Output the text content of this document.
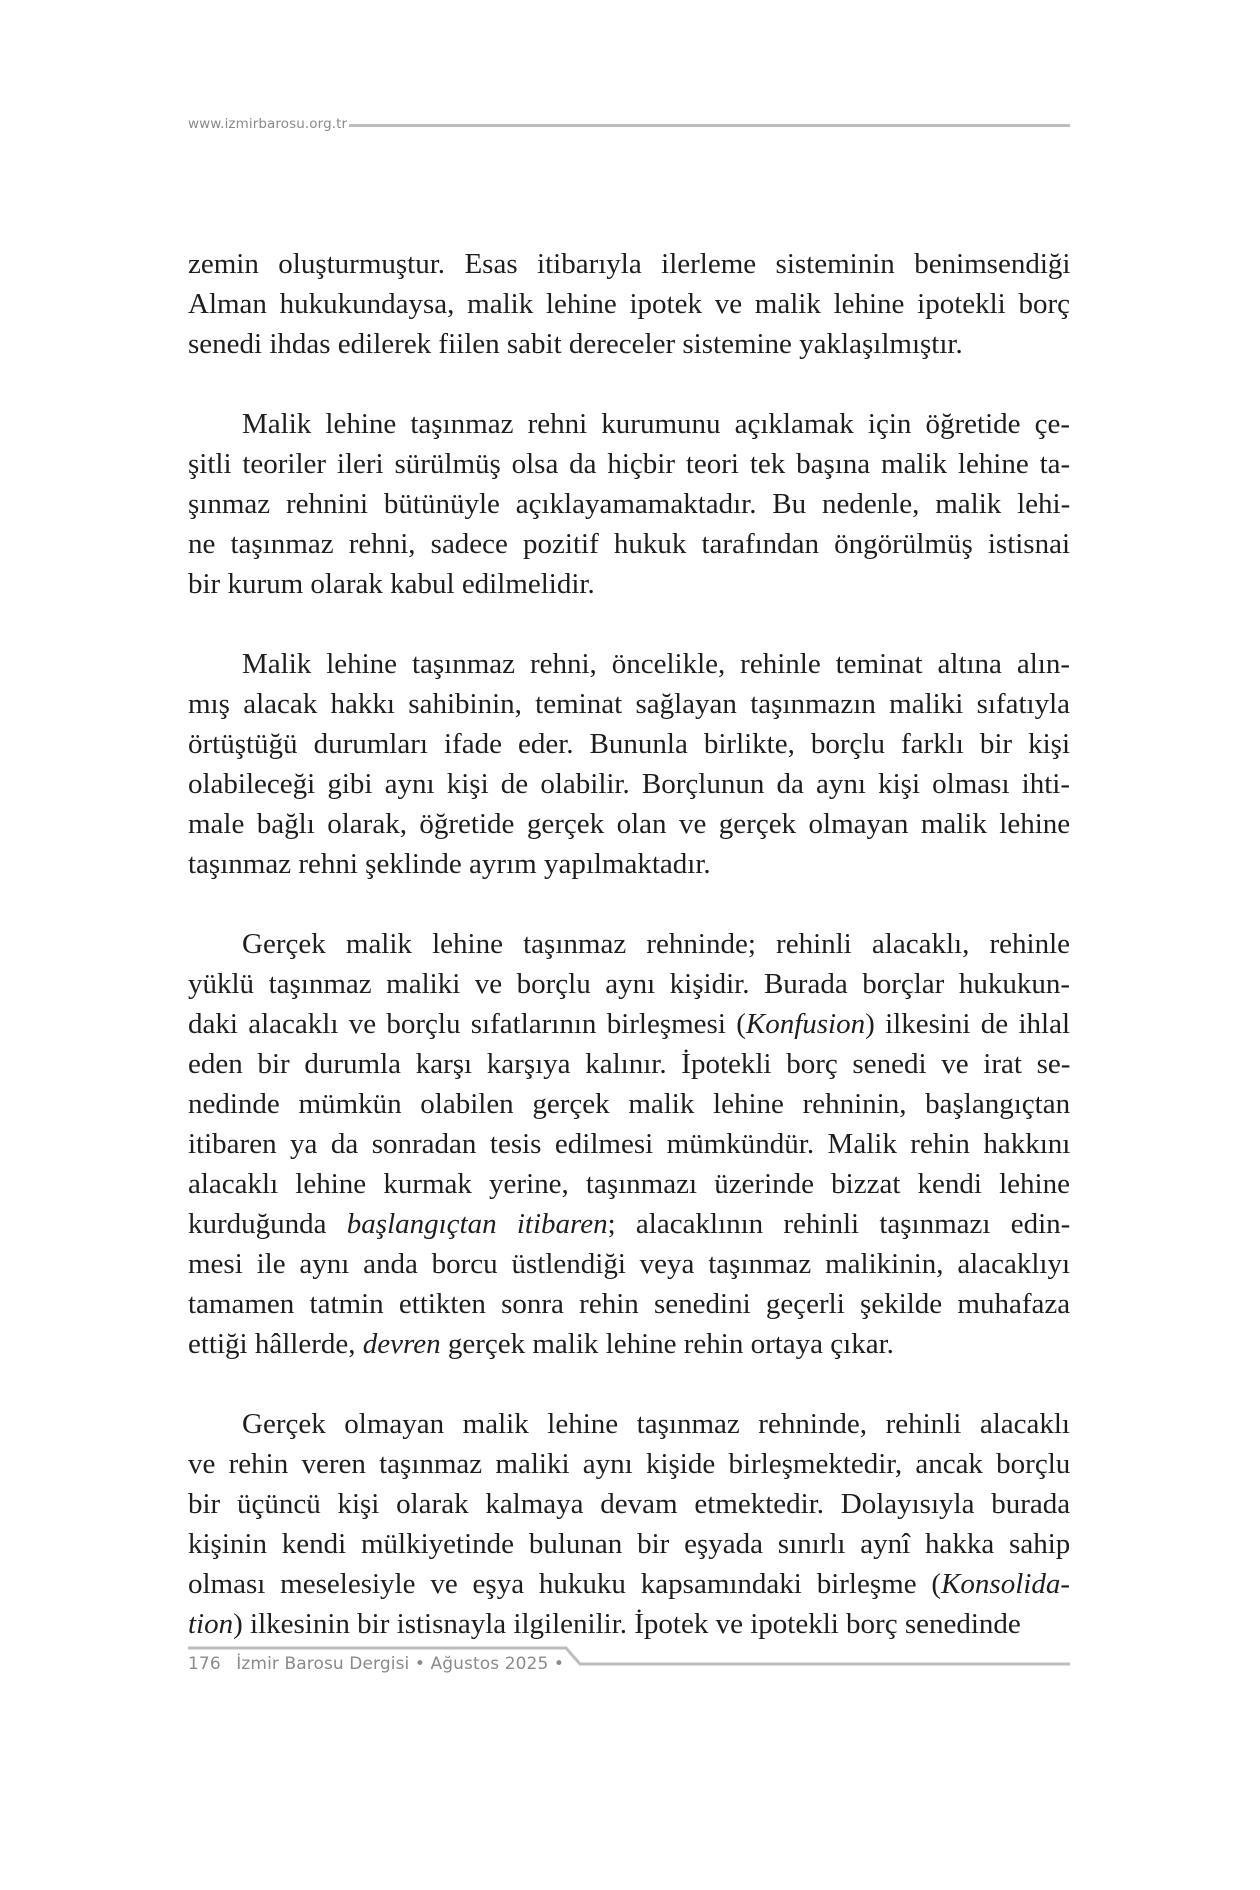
www.izmirbarosu.org.tr
zemin oluşturmuştur. Esas itibarıyla ilerleme sisteminin benimsendiği
Alman hukukundaysa, malik lehine ipotek ve malik lehine ipotekli borç
senedi ihdas edilerek fiilen sabit dereceler sistemine yaklaşılmıştır.
Malik lehine taşınmaz rehni kurumunu açıklamak için öğretide çe-
şitli teoriler ileri sürülmüş olsa da hiçbir teori tek başına malik lehine ta-
şınmaz rehnini bütünüyle açıklayamamaktadır. Bu nedenle, malik lehi-
ne taşınmaz rehni, sadece pozitif hukuk tarafından öngörülmüş istisnai
bir kurum olarak kabul edilmelidir.
Malik lehine taşınmaz rehni, öncelikle, rehinle teminat altına alın-
mış alacak hakkı sahibinin, teminat sağlayan taşınmazın maliki sıfatıyla
örtüştüğü durumları ifade eder. Bununla birlikte, borçlu farklı bir kişi
olabileceği gibi aynı kişi de olabilir. Borçlunun da aynı kişi olması ihti-
male bağlı olarak, öğretide gerçek olan ve gerçek olmayan malik lehine
taşınmaz rehni şeklinde ayrım yapılmaktadır.
Gerçek malik lehine taşınmaz rehninde; rehinli alacaklı, rehinle
yüklü taşınmaz maliki ve borçlu aynı kişidir. Burada borçlar hukukun-
daki alacaklı ve borçlu sıfatlarının birleşmesi (Konfusion) ilkesini de ihlal
eden bir durumla karşı karşıya kalınır. İpotekli borç senedi ve irat se-
nedinde mümkün olabilen gerçek malik lehine rehninin, başlangıçtan
itibaren ya da sonradan tesis edilmesi mümkündür. Malik rehin hakkını
alacaklı lehine kurmak yerine, taşınmazı üzerinde bizzat kendi lehine
kurduğunda başlangıçtan itibaren; alacaklının rehinli taşınmazı edin-
mesi ile aynı anda borcu üstlendiği veya taşınmaz malikinin, alacaklıyı
tamamen tatmin ettikten sonra rehin senedini geçerli şekilde muhafaza
ettiği hâllerde, devren gerçek malik lehine rehin ortaya çıkar.
Gerçek olmayan malik lehine taşınmaz rehninde, rehinli alacaklı
ve rehin veren taşınmaz maliki aynı kişide birleşmektedir, ancak borçlu
bir üçüncü kişi olarak kalmaya devam etmektedir. Dolayısıyla burada
kişinin kendi mülkiyetinde bulunan bir eşyada sınırlı aynî hakka sahip
olması meselesiyle ve eşya hukuku kapsamındaki birleşme (Konsolida-
tion) ilkesinin bir istisnayla ilgilenilir. İpotek ve ipotekli borç senedinde
176 İzmir Barosu Dergisi • Ağustos 2025 •
